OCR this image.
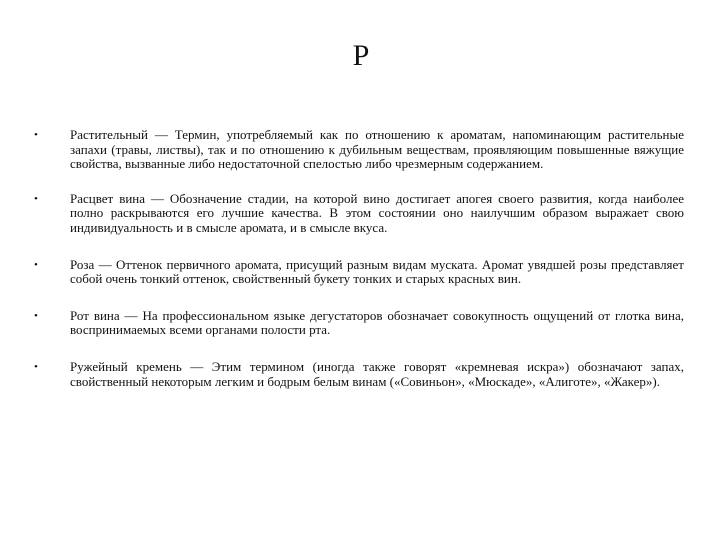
Р
•	Растительный — Термин, употребляемый как по отношению к ароматам, напоминающим растительные запахи (травы, листвы), так и по отношению к дубильным веществам, проявляющим повышенные вяжущие свойства, вызванные либо недостаточной спелостью либо чрезмерным содержанием.
•	Расцвет вина — Обозначение стадии, на которой вино достигает апогея своего развития, когда наиболее полно раскрываются его лучшие качества. В этом состоянии оно наилучшим образом выражает свою индивидуальность и в смысле аромата, и в смысле вкуса.
•	Роза — Оттенок первичного аромата, присущий разным видам муската. Аромат увядшей розы представляет собой очень тонкий оттенок, свойственный букету тонких и старых красных вин.
•	Рот вина — На профессиональном языке дегустаторов обозначает совокупность ощущений от глотка вина, воспринимаемых всеми органами полости рта.
•	Ружейный кремень — Этим термином (иногда также говорят «кремневая искра») обозначают запах, свойственный некоторым легким и бодрым белым винам («Совиньон», «Мюскаде», «Алиготе», «Жакер»).
